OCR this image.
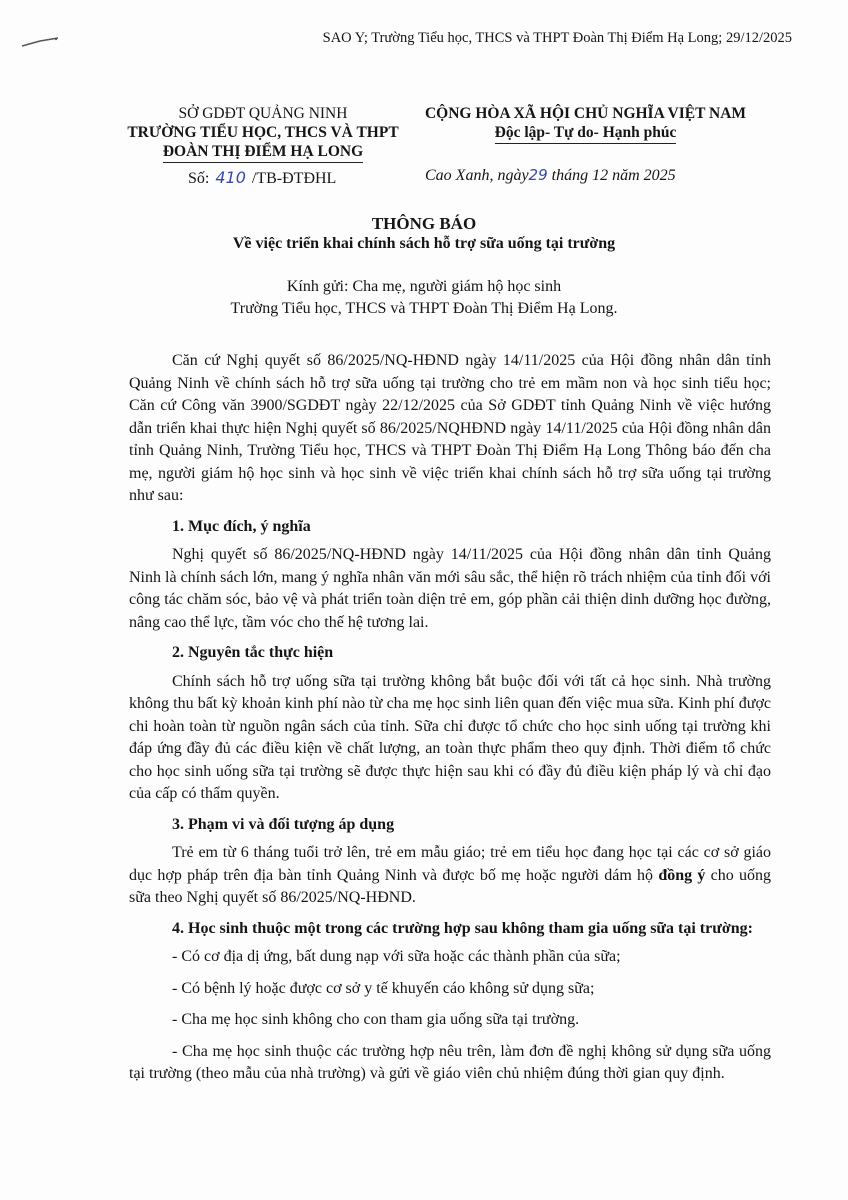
SAO Y; Trường Tiểu học, THCS và THPT Đoàn Thị Điểm Hạ Long; 29/12/2025
SỞ GDĐT QUẢNG NINH
TRƯỜNG TIỂU HỌC, THCS VÀ THPT
ĐOÀN THỊ ĐIỂM HẠ LONG
CỘNG HÒA XÃ HỘI CHỦ NGHĨA VIỆT NAM
Độc lập- Tự do- Hạnh phúc
Số: 410 /TB-ĐTĐHL	Cao Xanh, ngày29 tháng 12 năm 2025
THÔNG BÁO
Về việc triển khai chính sách hỗ trợ sữa uống tại trường
Kính gửi: Cha mẹ, người giám hộ học sinh
Trường Tiểu học, THCS và THPT Đoàn Thị Điểm Hạ Long.

Căn cứ Nghị quyết số 86/2025/NQ-HĐND ngày 14/11/2025 của Hội đồng nhân dân tỉnh Quảng Ninh về chính sách hỗ trợ sữa uống tại trường cho trẻ em mầm non và học sinh tiểu học; Căn cứ Công văn 3900/SGDĐT ngày 22/12/2025 của Sở GDĐT tỉnh Quảng Ninh về việc hướng dẫn triển khai thực hiện Nghị quyết số 86/2025/NQHĐND ngày 14/11/2025 của Hội đồng nhân dân tỉnh Quảng Ninh, Trường Tiểu học, THCS và THPT Đoàn Thị Điểm Hạ Long Thông báo đến cha mẹ, người giám hộ học sinh và học sinh về việc triển khai chính sách hỗ trợ sữa uống tại trường như sau:

1. Mục đích, ý nghĩa

Nghị quyết số 86/2025/NQ-HĐND ngày 14/11/2025 của Hội đồng nhân dân tỉnh Quảng Ninh là chính sách lớn, mang ý nghĩa nhân văn mới sâu sắc, thể hiện rõ trách nhiệm của tỉnh đối với công tác chăm sóc, bảo vệ và phát triển toàn diện trẻ em, góp phần cải thiện dinh dưỡng học đường, nâng cao thể lực, tầm vóc cho thế hệ tương lai.

2. Nguyên tắc thực hiện

Chính sách hỗ trợ uống sữa tại trường không bắt buộc đối với tất cả học sinh. Nhà trường không thu bất kỳ khoản kinh phí nào từ cha mẹ học sinh liên quan đến việc mua sữa. Kinh phí được chi hoàn toàn từ nguồn ngân sách của tỉnh. Sữa chỉ được tổ chức cho học sinh uống tại trường khi đáp ứng đầy đủ các điều kiện về chất lượng, an toàn thực phẩm theo quy định. Thời điểm tổ chức cho học sinh uống sữa tại trường sẽ được thực hiện sau khi có đầy đủ điều kiện pháp lý và chỉ đạo của cấp có thẩm quyền.

3. Phạm vi và đối tượng áp dụng

Trẻ em từ 6 tháng tuổi trở lên, trẻ em mẫu giáo; trẻ em tiểu học đang học tại các cơ sở giáo dục hợp pháp trên địa bàn tỉnh Quảng Ninh và được bố mẹ hoặc người dám hộ đồng ý cho uống sữa theo Nghị quyết số 86/2025/NQ-HĐND.

4. Học sinh thuộc một trong các trường hợp sau không tham gia uống sữa tại trường:
- Có cơ địa dị ứng, bất dung nạp với sữa hoặc các thành phần của sữa;
- Có bệnh lý hoặc được cơ sở y tế khuyến cáo không sử dụng sữa;
- Cha mẹ học sinh không cho con tham gia uống sữa tại trường.
- Cha mẹ học sinh thuộc các trường hợp nêu trên, làm đơn đề nghị không sử dụng sữa uống tại trường (theo mẫu của nhà trường) và gửi về giáo viên chủ nhiệm đúng thời gian quy định.
